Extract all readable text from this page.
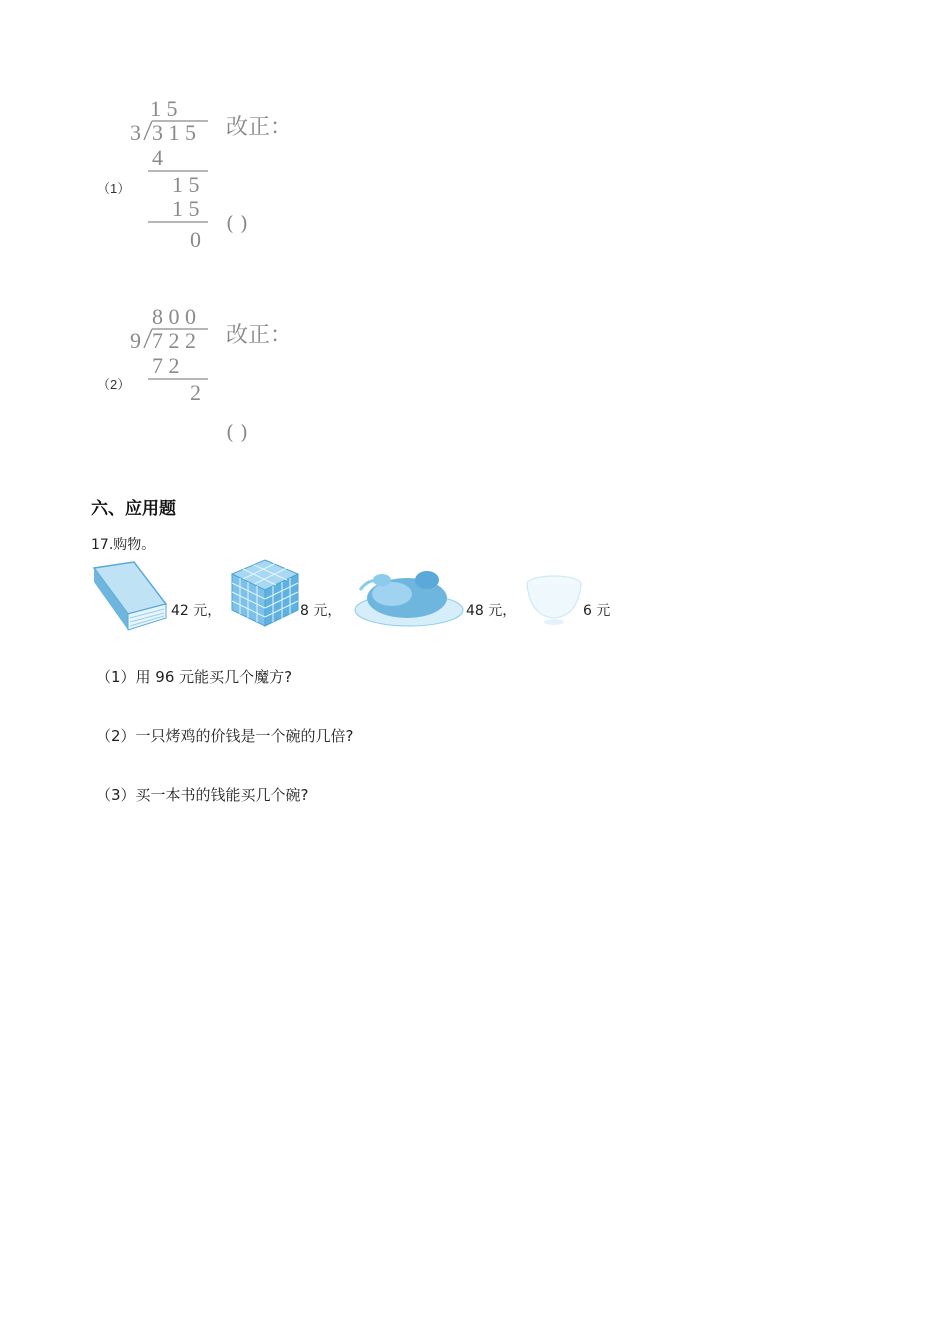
（1）
1 5
3 3 1 5
4
1 5
1 5
0
改正：
( )
（2）
8 0 0
9 7 2 2
7 2
2
改正：
( )
六、应用题
17.购物。
42 元，	8 元，	48 元，	6 元
（1）用 96 元能买几个魔方?
（2）一只烤鸡的价钱是一个碗的几倍?
（3）买一本书的钱能买几个碗?
